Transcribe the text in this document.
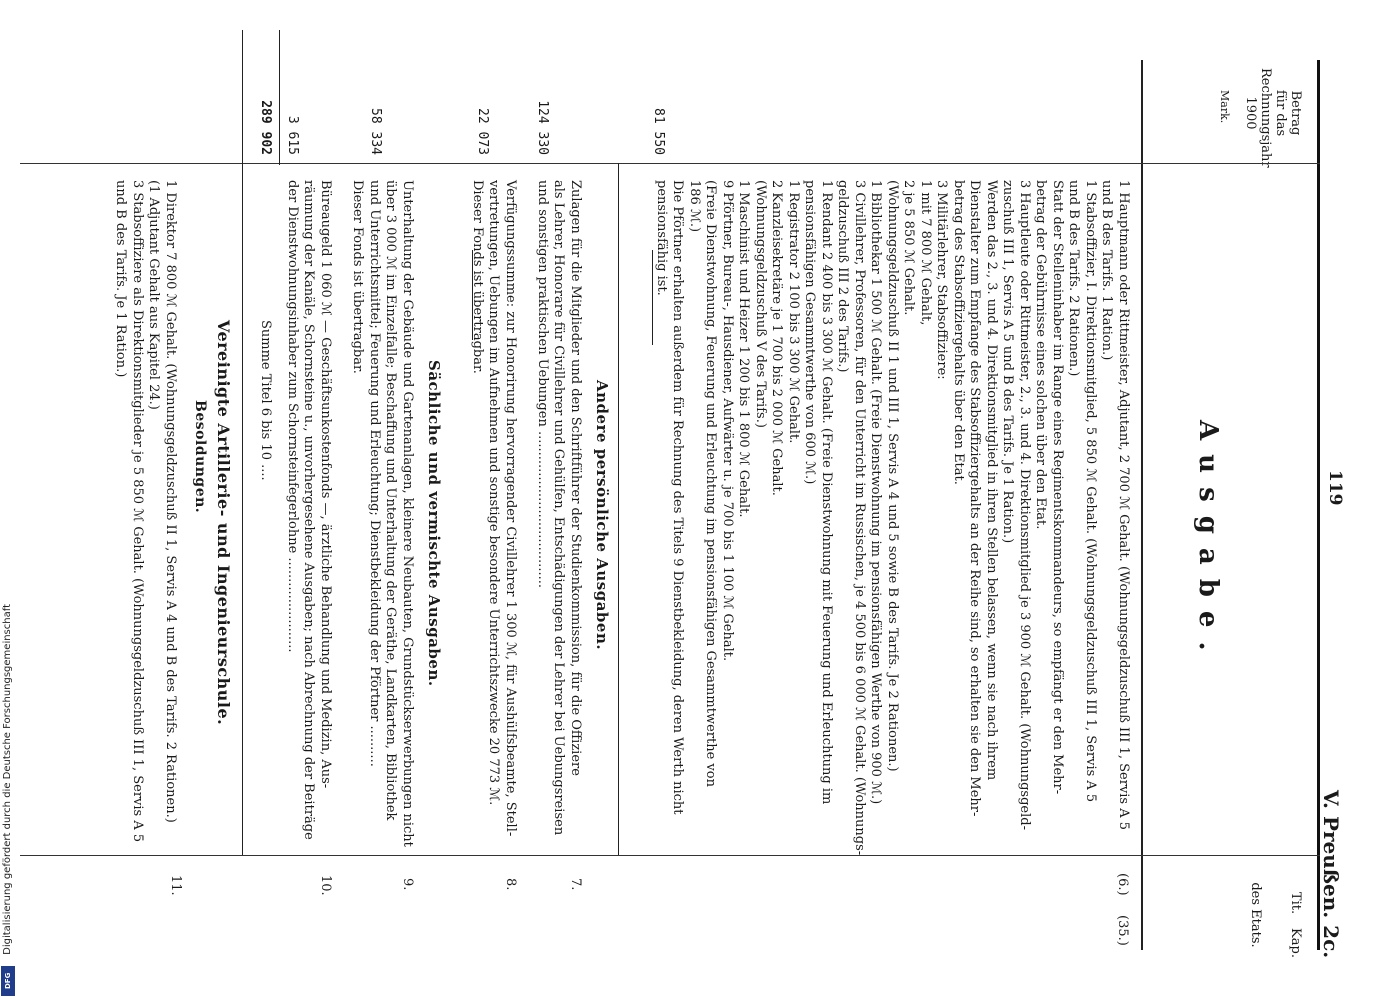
V. Preußen. 2c.
119
Kap.
Tit.
des Etats.
Betrag
für das
Rechnungsjahr
1900
Mark.
Ausgabe.
(35.)
(6.)
1 Hauptmann oder Rittmeister, Adjutant, 2 700 ℳ Gehalt. (Wohnungsgeldzuschuß III 1, Servis A 5
und B des Tarifs. 1 Ration.)
1 Stabsoffizier, I. Direktionsmitglied, 5 850 ℳ Gehalt. (Wohnungsgeldzuschuß III 1, Servis A 5
und B des Tarifs. 2 Rationen.)
Statt der Stelleninhaber im Range eines Regimentskommandeurs, so empfängt er den Mehr-
betrag der Gebührnisse eines solchen über den Etat.
3 Hauptleute oder Rittmeister, 2., 3. und 4. Direktionsmitglied je 3 900 ℳ Gehalt. (Wohnungsgeld-
zuschuß III 1, Servis A 5 und B des Tarifs. Je 1 Ration.)
Werden das 2., 3. und 4. Direktionsmitglied in ihren Stellen belassen, wenn sie nach ihrem
Dienstalter zum Empfange des Stabsoffiziergehalts an der Reihe sind, so erhalten sie den Mehr-
betrag des Stabsoffiziergehalts über den Etat.
3 Militärlehrer, Stabsoffiziere:
1 mit 7 800 ℳ Gehalt,
2 je 5 850 ℳ Gehalt.
(Wohnungsgeldzuschuß II 1 und III 1, Servis A 4 und 5 sowie B des Tarifs. Je 2 Rationen.)
1 Bibliothekar 1 500 ℳ Gehalt. (Freie Dienstwohnung im pensionsfähigen Werthe von 900 ℳ.)
3 Civillehrer, Professoren, für den Unterricht im Russischen, je 4 500 bis 6 000 ℳ Gehalt. (Wohnungs-
geldzuschuß III 2 des Tarifs.)
1 Rendant 2 400 bis 3 300 ℳ Gehalt. (Freie Dienstwohnung mit Feuerung und Erleuchtung im
pensionsfähigen Gesammtwerthe von 600 ℳ.)
1 Registrator 2 100 bis 3 300 ℳ Gehalt.
2 Kanzleisekretäre je 1 700 bis 2 000 ℳ Gehalt.
(Wohnungsgeldzuschuß V des Tarifs.)
1 Maschinist und Heizer 1 200 bis 1 800 ℳ Gehalt.
9 Pförtner, Bureau-, Hausdiener, Aufwärter u. je 700 bis 1 100 ℳ Gehalt.
(Freie Dienstwohnung, Feuerung und Erleuchtung im pensionsfähigen Gesammtwerthe von
186 ℳ.)
Die Pförtner erhalten außerdem für Rechnung des Titels 9 Dienstbekleidung, deren Werth nicht
pensionsfähig ist.
81 550
Andere persönliche Ausgaben.
7.
Zulagen für die Mitglieder und den Schriftführer der Studienkommission, für die Offiziere
als Lehrer, Honorare für Civillehrer und Gehülfen, Entschädigungen der Lehrer bei Uebungsreisen
und sonstigen praktischen Uebungen ......................................
124 330
8.
Verfügungssumme: zur Honorirung hervorragender Civillehrer 1 300 ℳ, für Aushülfsbeamte, Stell-
vertretungen, Uebungen im Aufnehmen und sonstige besondere Unterrichtszwecke 20 773 ℳ.
Dieser Fonds ist übertragbar.
22 073
Sächliche und vermischte Ausgaben.
9.
Unterhaltung der Gebäude und Gartenanlagen, kleinere Neubauten, Grundstückserwerbungen nicht
über 3 000 ℳ im Einzelfalle; Beschaffung und Unterhaltung der Geräthe, Landkarten, Bibliothek
und Unterrichtsmittel; Feuerung und Erleuchtung; Dienstbekleidung der Pförtner ..........
Dieser Fonds ist übertragbar.
58 334
10.
Büreaugeld 1 060 ℳ — Geschäftsunkostenfonds —, ärztliche Behandlung und Medizin, Aus-
räumung der Kanäle, Schornsteine u., unvorhergesehene Ausgaben; nach Abrechnung der Beiträge
der Dienstwohnungsinhaber zum Schornsteinfegerlohne .......................
3 615
Summe Titel 6 bis 10 ....
289 902
Vereinigte Artillerie- und Ingenieurschule.
Besoldungen.
11.
1 Direktor 7 800 ℳ Gehalt. (Wohnungsgeldzuschuß II 1, Servis A 4 und B des Tarifs. 2 Rationen.)
(1 Adjutant Gehalt aus Kapitel 24.)
3 Stabsoffiziere als Direktionsmitglieder je 5 850 ℳ Gehalt. (Wohnungsgeldzuschuß III 1, Servis A 5
und B des Tarifs. Je 1 Ration.)
Digitalisierung gefördert durch die Deutsche Forschungsgemeinschaft
DFG
